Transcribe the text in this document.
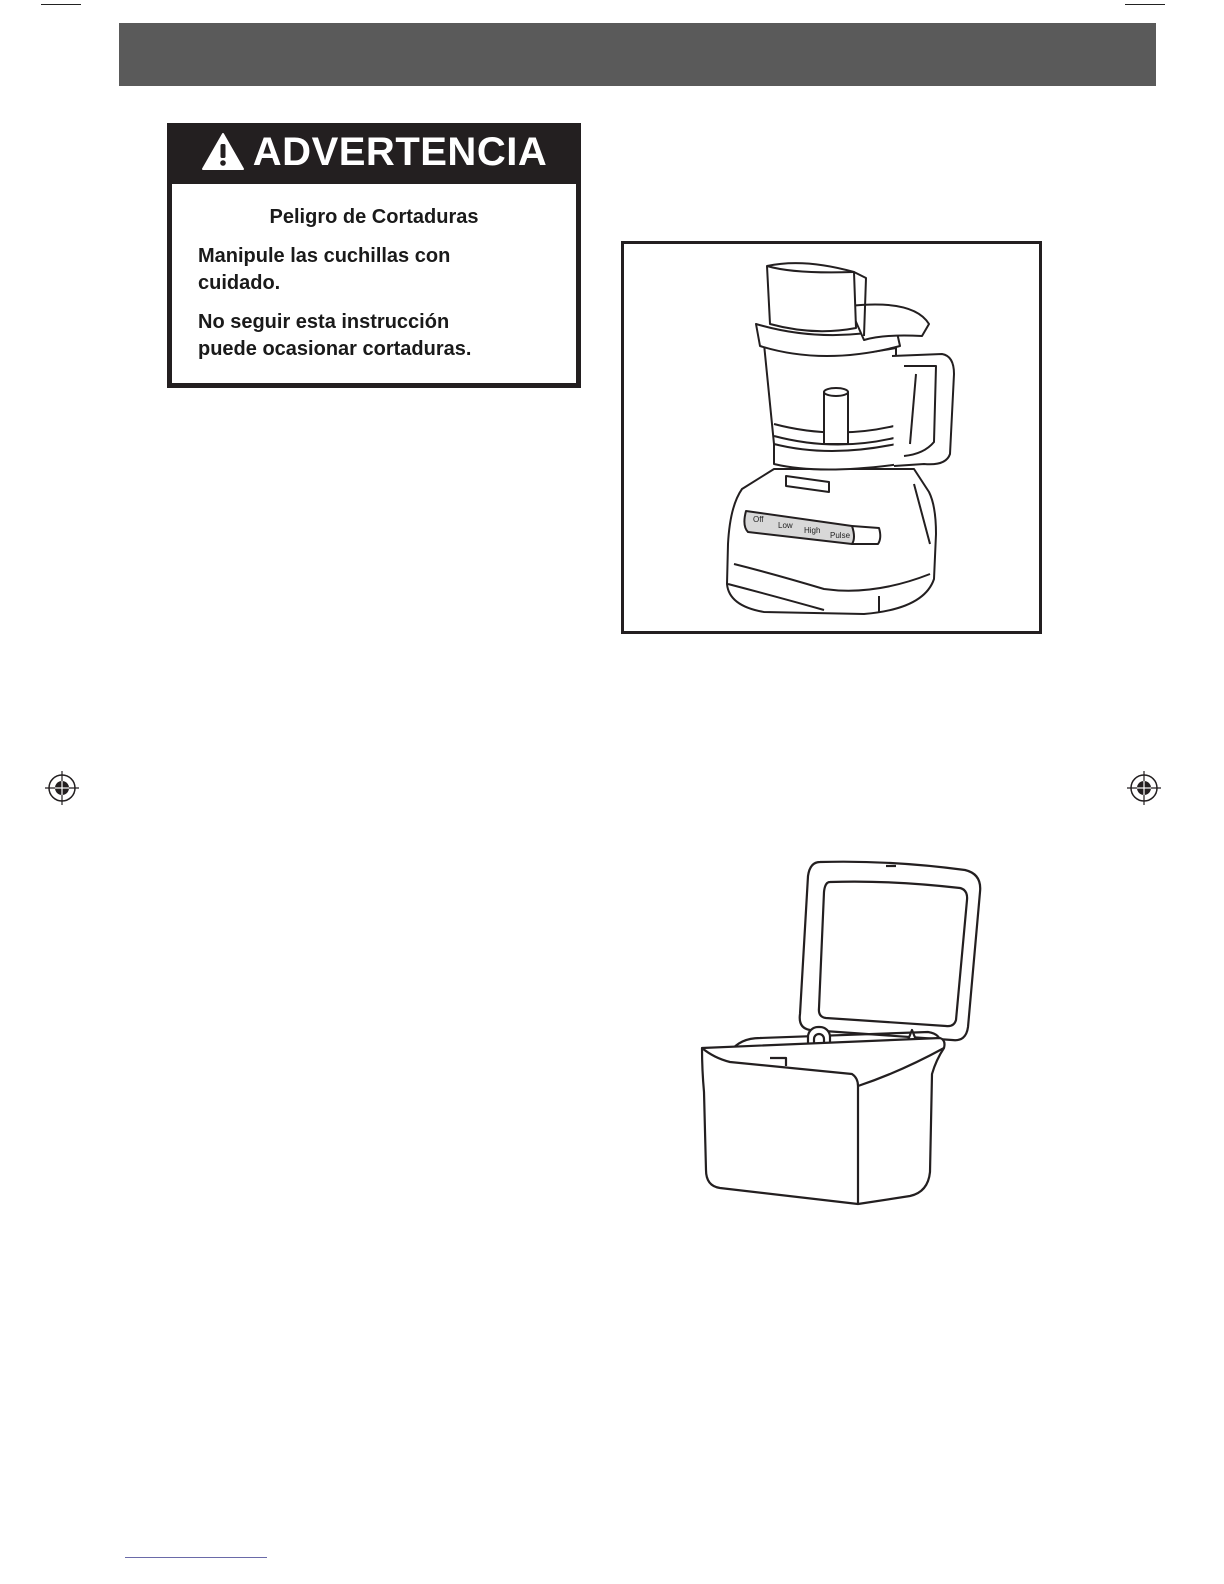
ADVERTENCIA

Peligro de Cortaduras

Manipule las cuchillas con
cuidado.

No seguir esta instrucción
puede ocasionar cortaduras.

Off
Low
High
Pulse
